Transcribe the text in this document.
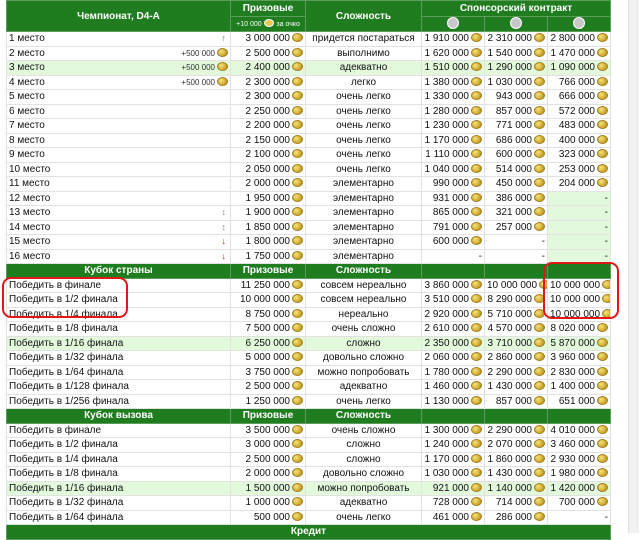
Чемпионат, D4-A	Призовые	Сложность	Спонсорский контракт		
	+10 000 за очко				

↑
1 место	3 000 000	придется постараться	1 910 000	2 310 000	2 800 000

+500 000
2 место	2 500 000	выполнимо	1 620 000	1 540 000	1 470 000

+500 000
3 место	2 400 000	адекватно	1 510 000	1 290 000	1 090 000

+500 000
4 место	2 300 000	легко	1 380 000	1 030 000	766 000
5 место	2 300 000	очень легко	1 330 000	943 000	666 000
6 место	2 250 000	очень легко	1 280 000	857 000	572 000
7 место	2 200 000	очень легко	1 230 000	771 000	483 000
8 место	2 150 000	очень легко	1 170 000	686 000	400 000
9 место	2 100 000	очень легко	1 110 000	600 000	323 000
10 место	2 050 000	очень легко	1 040 000	514 000	253 000
11 место	2 000 000	элементарно	990 000	450 000	204 000
12 место	1 950 000	элементарно	931 000	386 000	-

↕
13 место	1 900 000	элементарно	865 000	321 000	-

↕
14 место	1 850 000	элементарно	791 000	257 000	-

↓
15 место	1 800 000	элементарно	600 000	-	-

↓
16 место	1 750 000	элементарно	-	-	-
Кубок страны	Призовые	Сложность			
Победить в финале	11 250 000	совсем нереально	3 860 000	10 000 000	10 000 000
Победить в 1/2 финала	10 000 000	совсем нереально	3 510 000	8 290 000	10 000 000
Победить в 1/4 финала	8 750 000	нереально	2 920 000	5 710 000	10 000 000
Победить в 1/8 финала	7 500 000	очень сложно	2 610 000	4 570 000	8 020 000
Победить в 1/16 финала	6 250 000	сложно	2 350 000	3 710 000	5 870 000
Победить в 1/32 финала	5 000 000	довольно сложно	2 060 000	2 860 000	3 960 000
Победить в 1/64 финала	3 750 000	можно попробовать	1 780 000	2 290 000	2 830 000
Победить в 1/128 финала	2 500 000	адекватно	1 460 000	1 430 000	1 400 000
Победить в 1/256 финала	1 250 000	очень легко	1 130 000	857 000	651 000
Кубок вызова	Призовые	Сложность			
Победить в финале	3 500 000	очень сложно	1 300 000	2 290 000	4 010 000
Победить в 1/2 финала	3 000 000	сложно	1 240 000	2 070 000	3 460 000
Победить в 1/4 финала	2 500 000	сложно	1 170 000	1 860 000	2 930 000
Победить в 1/8 финала	2 000 000	довольно сложно	1 030 000	1 430 000	1 980 000
Победить в 1/16 финала	1 500 000	можно попробовать	921 000	1 140 000	1 420 000
Победить в 1/32 финала	1 000 000	адекватно	728 000	714 000	700 000
Победить в 1/64 финала	500 000	очень легко	461 000	286 000	-
Кредит					
